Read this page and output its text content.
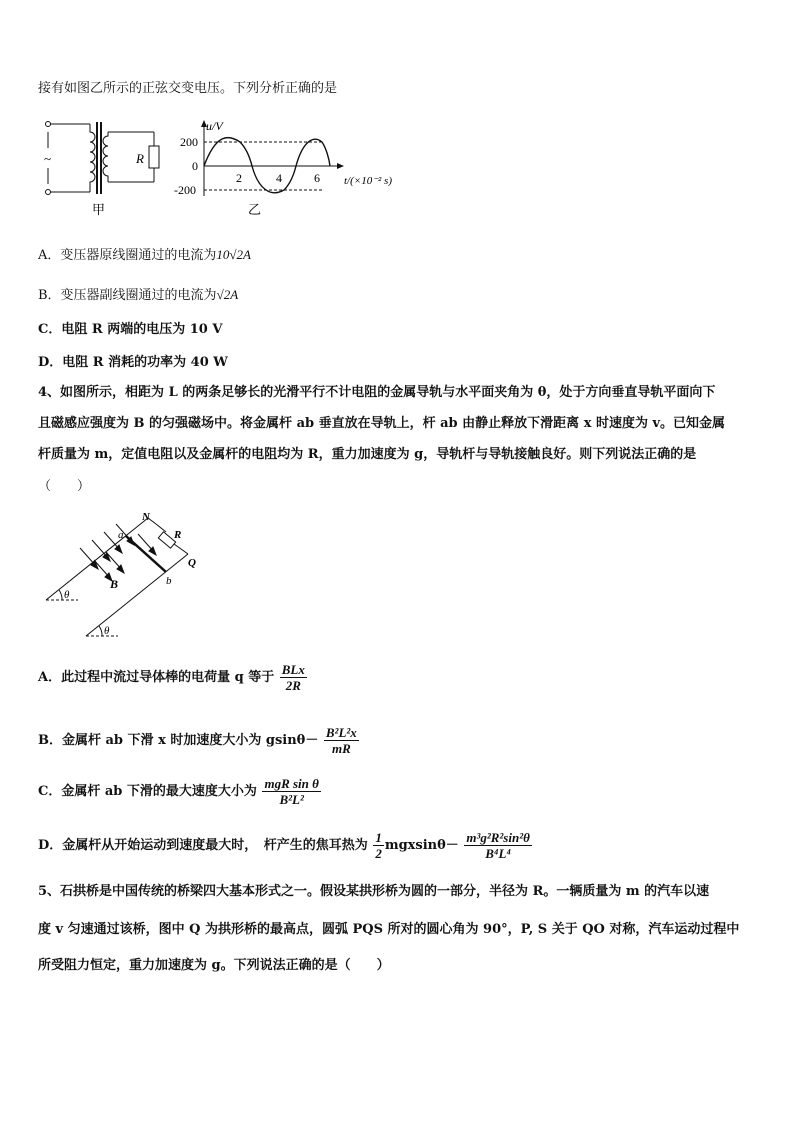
接有如图乙所示的正弦交变电压。下列分析正确的是
~	R
甲
u/V
200
0
-200
2	4	6 t/(×10⁻² s)
乙
A．变压器原线圈通过的电流为10√2A
B．变压器副线圈通过的电流为√2A
C．电阻 R 两端的电压为 10 V
D．电阻 R 消耗的功率为 40 W
4、如图所示，相距为 L 的两条足够长的光滑平行不计电阻的金属导轨与水平面夹角为 θ，处于方向垂直导轨平面向下
且磁感应强度为 B 的匀强磁场中。将金属杆 ab 垂直放在导轨上，杆 ab 由静止释放下滑距离 x 时速度为 v。已知金属
杆质量为 m，定值电阻以及金属杆的电阻均为 R，重力加速度为 g，导轨杆与导轨接触良好。则下列说法正确的是
（　　）
θ
θ
N
R
Q
a
b
B
A．此过程中流过导体棒的电荷量 q 等于 $\frac{\text{BLx}}{2R}$
B．金属杆 ab 下滑 x 时加速度大小为 $gsin\theta- \frac{\text{B²L²x}}{mR}$
C．金属杆 ab 下滑的最大速度大小为 $\frac{\text{mgR sin θ}}{\text{B²L²}}$
D．金属杆从开始运动到速度最大时，　杆产生的焦耳热为 $\frac{1}{2} mgxsin\theta- \frac{\text{m³g²R²sin²θ}}{\text{B⁴L⁴}}$
5、石拱桥是中国传统的桥梁四大基本形式之一。假设某拱形桥为圆的一部分，半径为 R。一辆质量为 m 的汽车以速
度 v 匀速通过该桥，图中 Q 为拱形桥的最高点，圆弧 PQS 所对的圆心角为 90°，P, S 关于 QO 对称，汽车运动过程中
所受阻力恒定，重力加速度为 g。下列说法正确的是（　　）
